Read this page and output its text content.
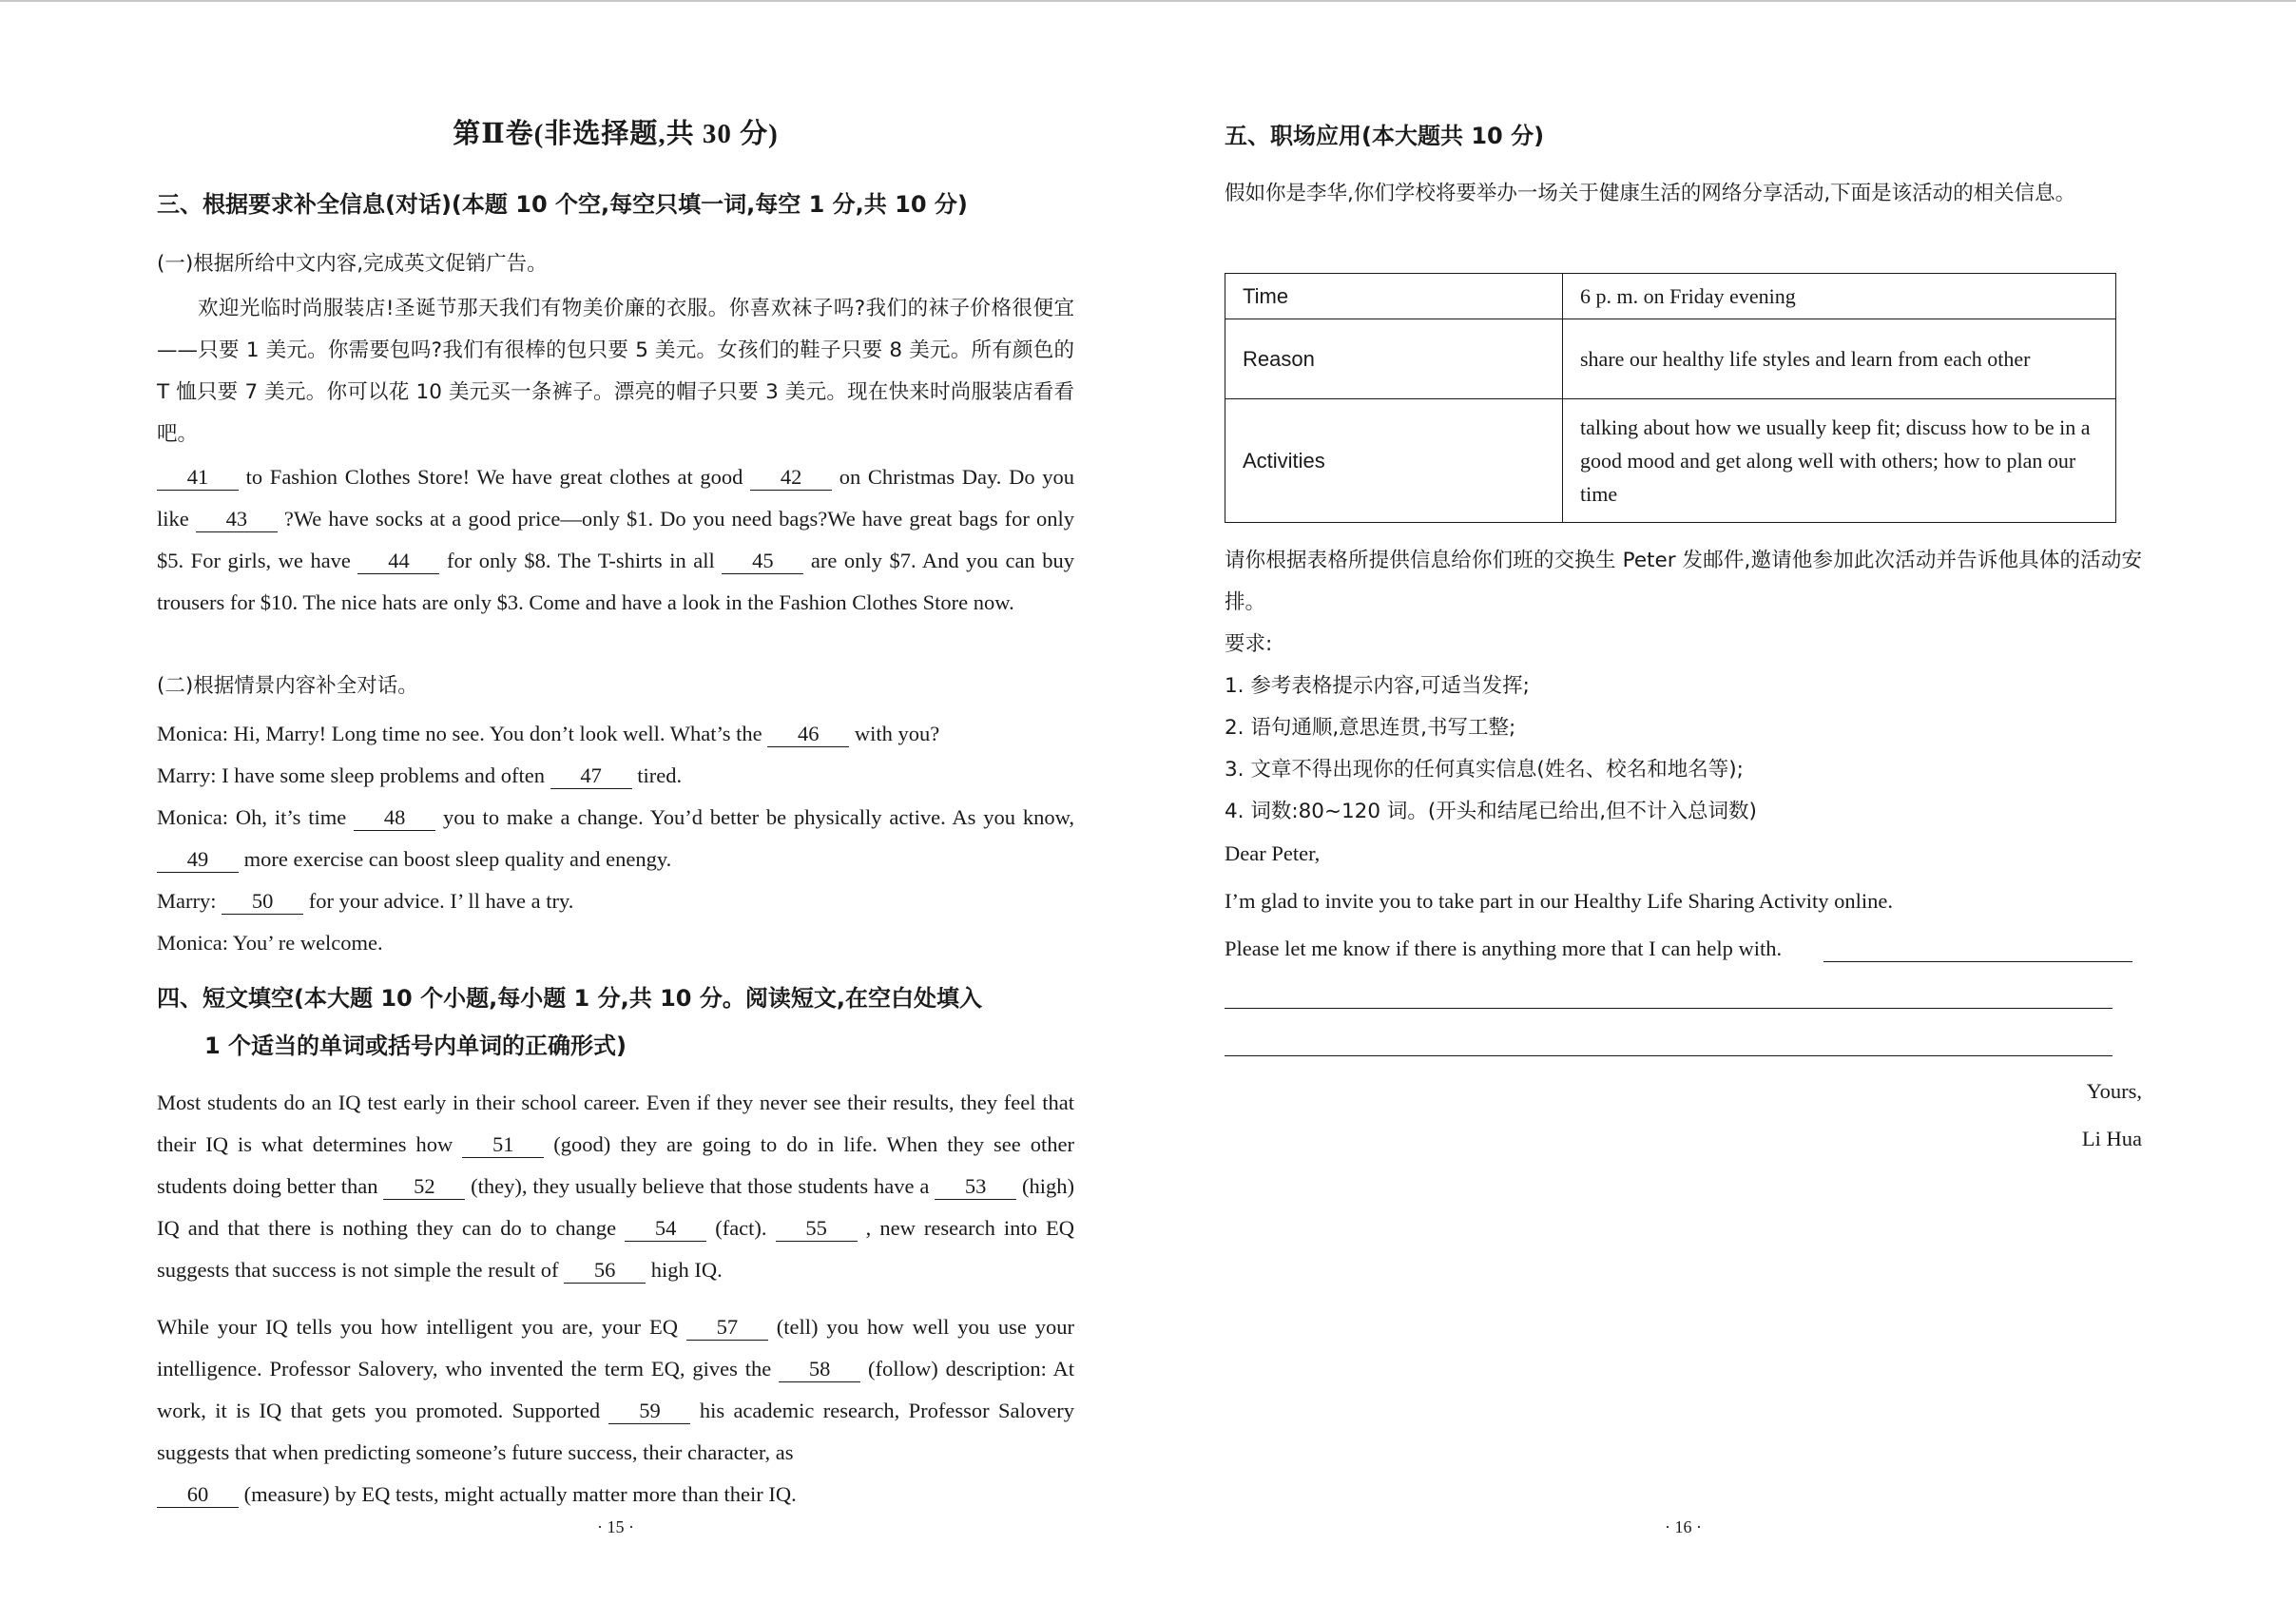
第Ⅱ卷(非选择题,共 30 分)
三、根据要求补全信息(对话)(本题 10 个空,每空只填一词,每空 1 分,共 10 分)
(一)根据所给中文内容,完成英文促销广告。

欢迎光临时尚服装店!圣诞节那天我们有物美价廉的衣服。你喜欢袜子吗?我们的袜子价格很便宜——只要 1 美元。你需要包吗?我们有很棒的包只要 5 美元。女孩们的鞋子只要 8 美元。所有颜色的 T 恤只要 7 美元。你可以花 10 美元买一条裤子。漂亮的帽子只要 3 美元。现在快来时尚服装店看看吧。

41 to Fashion Clothes Store! We have great clothes at good 42 on Christmas Day. Do you like 43 ?We have socks at a good price—only $1. Do you need bags?We have great bags for only $5. For girls, we have 44 for only $8. The T-shirts in all 45 are only $7. And you can buy trousers for $10. The nice hats are only $3. Come and have a look in the Fashion Clothes Store now.

(二)根据情景内容补全对话。
Monica: Hi, Marry! Long time no see. You don’t look well. What’s the 46 with you?
Marry: I have some sleep problems and often 47 tired.

Monica: Oh, it’s time 48 you to make a change. You’d better be physically active. As you know, 49 more exercise can boost sleep quality and enengy.

Marry: 50 for your advice. I’ ll have a try.
Monica: You’ re welcome.
四、短文填空(本大题 10 个小题,每小题 1 分,共 10 分。阅读短文,在空白处填入
1 个适当的单词或括号内单词的正确形式)

Most students do an IQ test early in their school career. Even if they never see their results, they feel that their IQ is what determines how 51 (good) they are going to do in life. When they see other students doing better than 52 (they), they usually believe that those students have a 53 (high) IQ and that there is nothing they can do to change 54 (fact). 55 , new research into EQ suggests that success is not simple the result of 56 high IQ.

While your IQ tells you how intelligent you are, your EQ 57 (tell) you how well you use your intelligence. Professor Salovery, who invented the term EQ, gives the 58 (follow) description: At work, it is IQ that gets you promoted. Supported 59 his academic research, Professor Salovery suggests that when predicting someone’s future success, their character, as
60 (measure) by EQ tests, might actually matter more than their IQ.

· 15 ·
五、职场应用(本大题共 10 分)

假如你是李华,你们学校将要举办一场关于健康生活的网络分享活动,下面是该活动的相关信息。

Time	6 p. m. on Friday evening
Reason	share our healthy life styles and learn from each other
Activities	talking about how we usually keep fit; discuss how to be in a good mood and get along well with others; how to plan our time

请你根据表格所提供信息给你们班的交换生 Peter 发邮件,邀请他参加此次活动并告诉他具体的活动安排。

要求:
1. 参考表格提示内容,可适当发挥;
2. 语句通顺,意思连贯,书写工整;
3. 文章不得出现你的任何真实信息(姓名、校名和地名等);
4. 词数:80~120 词。(开头和结尾已给出,但不计入总词数)
Dear Peter,
I’m glad to invite you to take part in our Healthy Life Sharing Activity online.
Please let me know if there is anything more that I can help with.
Yours,
Li Hua
· 16 ·
